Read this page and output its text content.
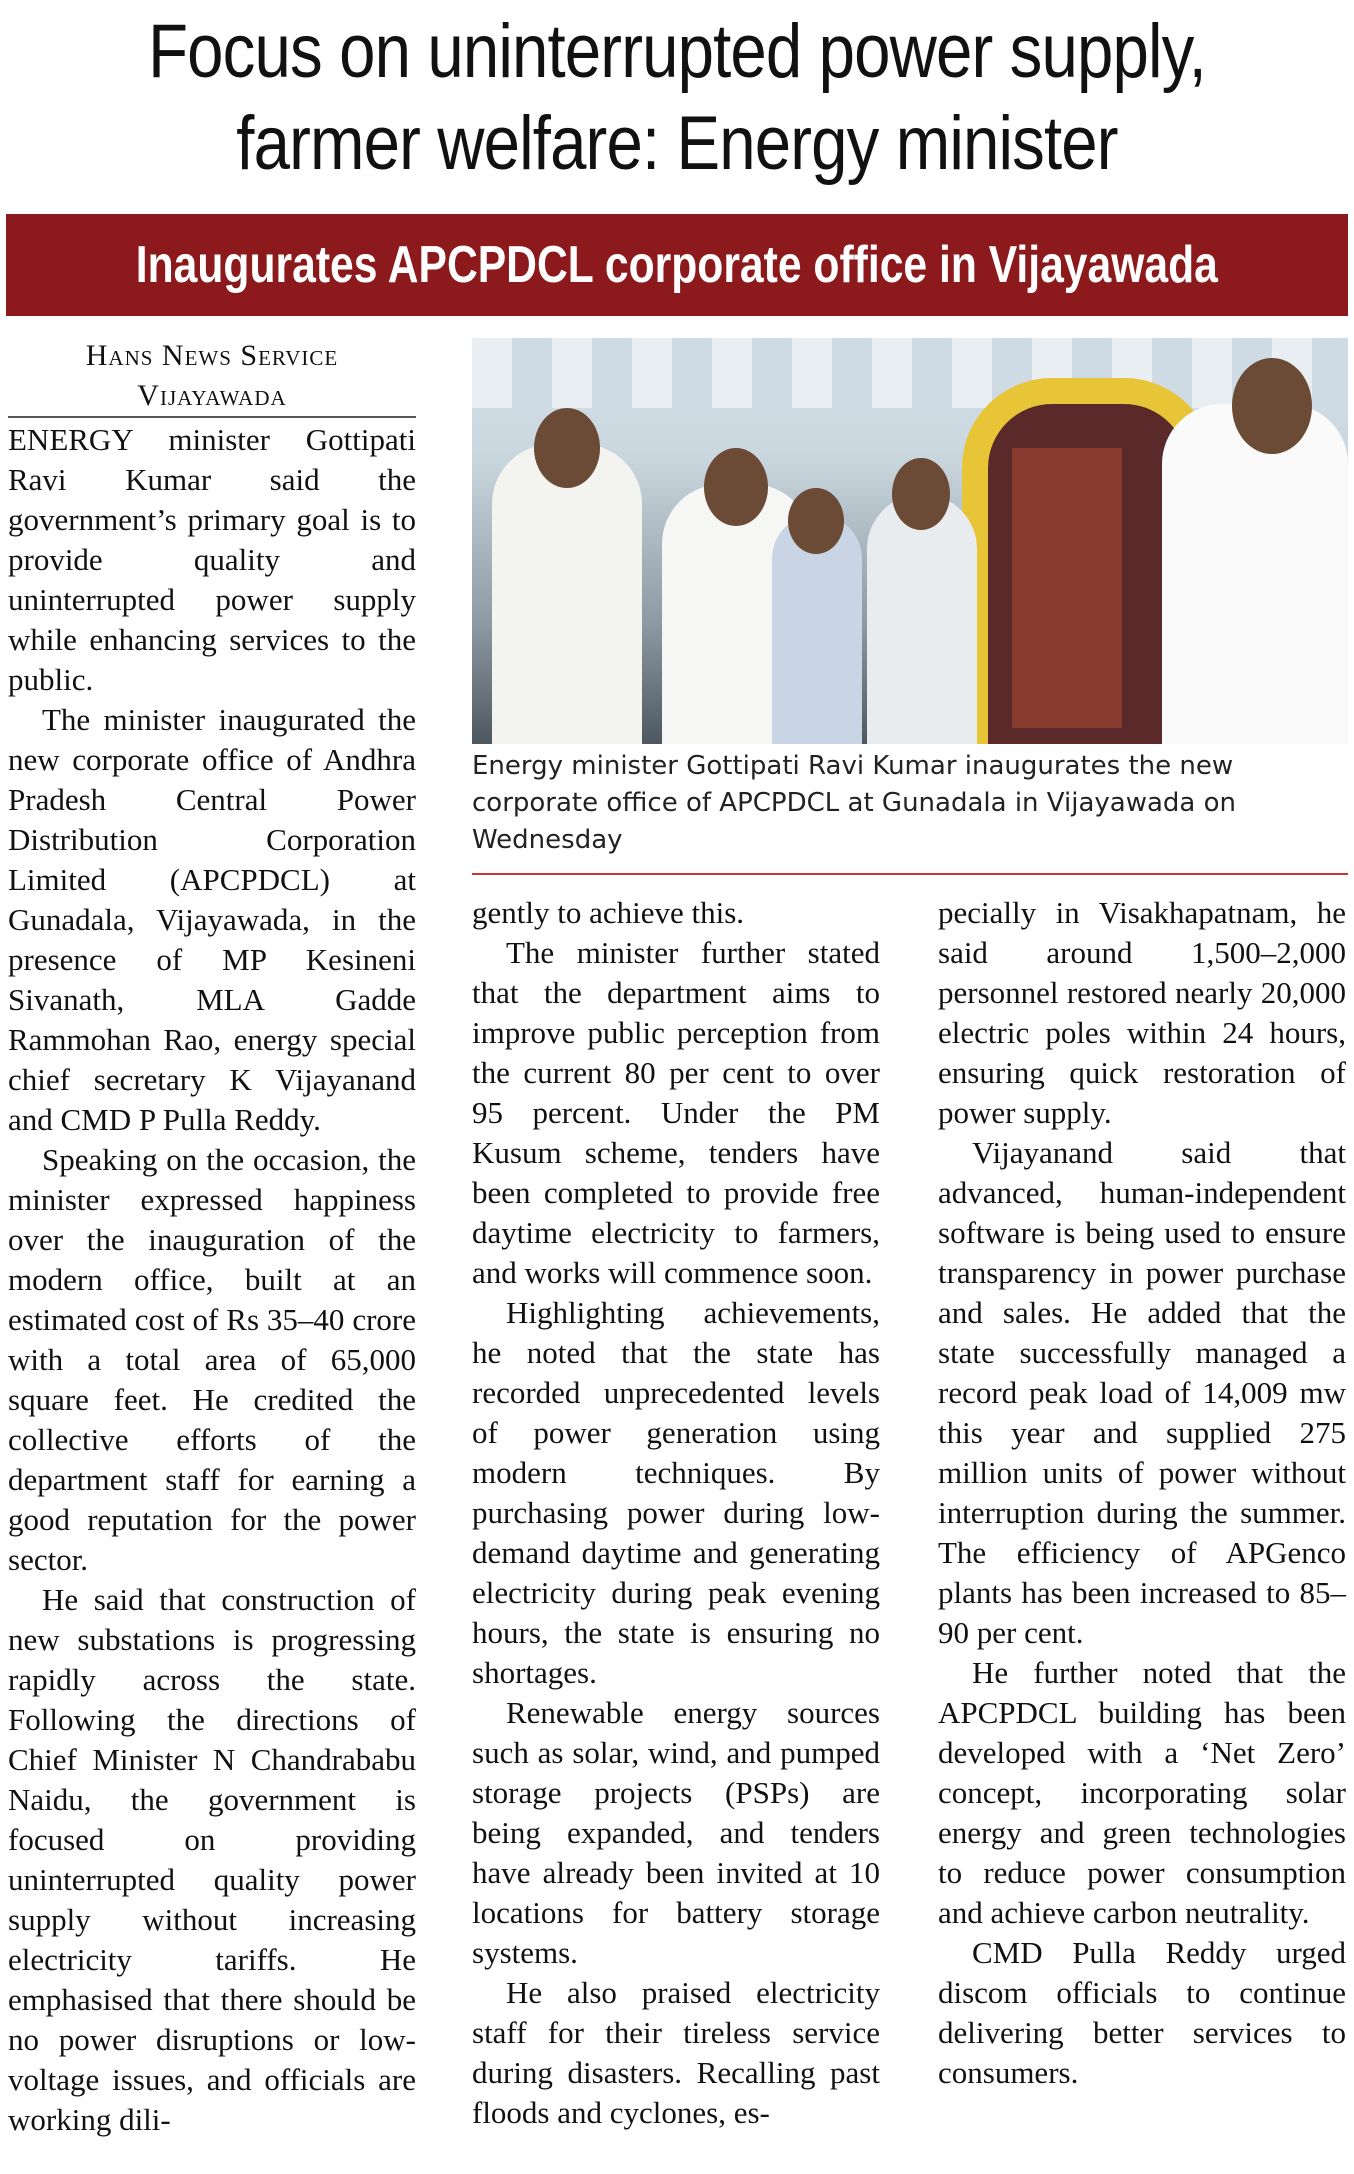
Focus on uninterrupted power supply, farmer welfare: Energy minister
Inaugurates APCPDCL corporate office in Vijayawada
Hans News Service
Vijayawada
Energy minister Gottipati Ravi Kumar inaugurates the new corporate office of APCPDCL at Gunadala in Vijayawada on Wednesday

ENERGY minister Gottipati Ravi Kumar said the government’s primary goal is to provide quality and uninterrupted power supply while enhancing services to the public.

The minister inaugurated the new corporate office of Andhra Pradesh Central Power Distribution Corporation Limited (APCPDCL) at Gunadala, Vijayawada, in the presence of MP Kesineni Sivanath, MLA Gadde Rammohan Rao, energy special chief secretary K Vijayanand and CMD P Pulla Reddy.

Speaking on the occasion, the minister expressed happiness over the inauguration of the modern office, built at an estimated cost of Rs 35–40 crore with a total area of 65,000 square feet. He credited the collective efforts of the department staff for earning a good reputation for the power sector.

He said that construction of new substations is progressing rapidly across the state. Following the directions of Chief Minister N Chandrababu Naidu, the government is focused on providing uninterrupted quality power supply without increasing electricity tariffs. He emphasised that there should be no power disruptions or low-voltage issues, and officials are working dili-

gently to achieve this.

The minister further stated that the department aims to improve public perception from the current 80 per cent to over 95 percent. Under the PM Kusum scheme, tenders have been completed to provide free daytime electricity to farmers, and works will commence soon.

Highlighting achievements, he noted that the state has recorded unprecedented levels of power generation using modern techniques. By purchasing power during low-demand daytime and generating electricity during peak evening hours, the state is ensuring no shortages.

Renewable energy sources such as solar, wind, and pumped storage projects (PSPs) are being expanded, and tenders have already been invited at 10 locations for battery storage systems.

He also praised electricity staff for their tireless service during disasters. Recalling past floods and cyclones, es-

pecially in Visakhapatnam, he said around 1,500–2,000 personnel restored nearly 20,000 electric poles within 24 hours, ensuring quick restoration of power supply.

Vijayanand said that advanced, human-independent software is being used to ensure transparency in power purchase and sales. He added that the state successfully managed a record peak load of 14,009 mw this year and supplied 275 million units of power without interruption during the summer. The efficiency of APGenco plants has been increased to 85–90 per cent.

He further noted that the APCPDCL building has been developed with a ‘Net Zero’ concept, incorporating solar energy and green technologies to reduce power consumption and achieve carbon neutrality.

CMD Pulla Reddy urged discom officials to continue delivering better services to consumers.
